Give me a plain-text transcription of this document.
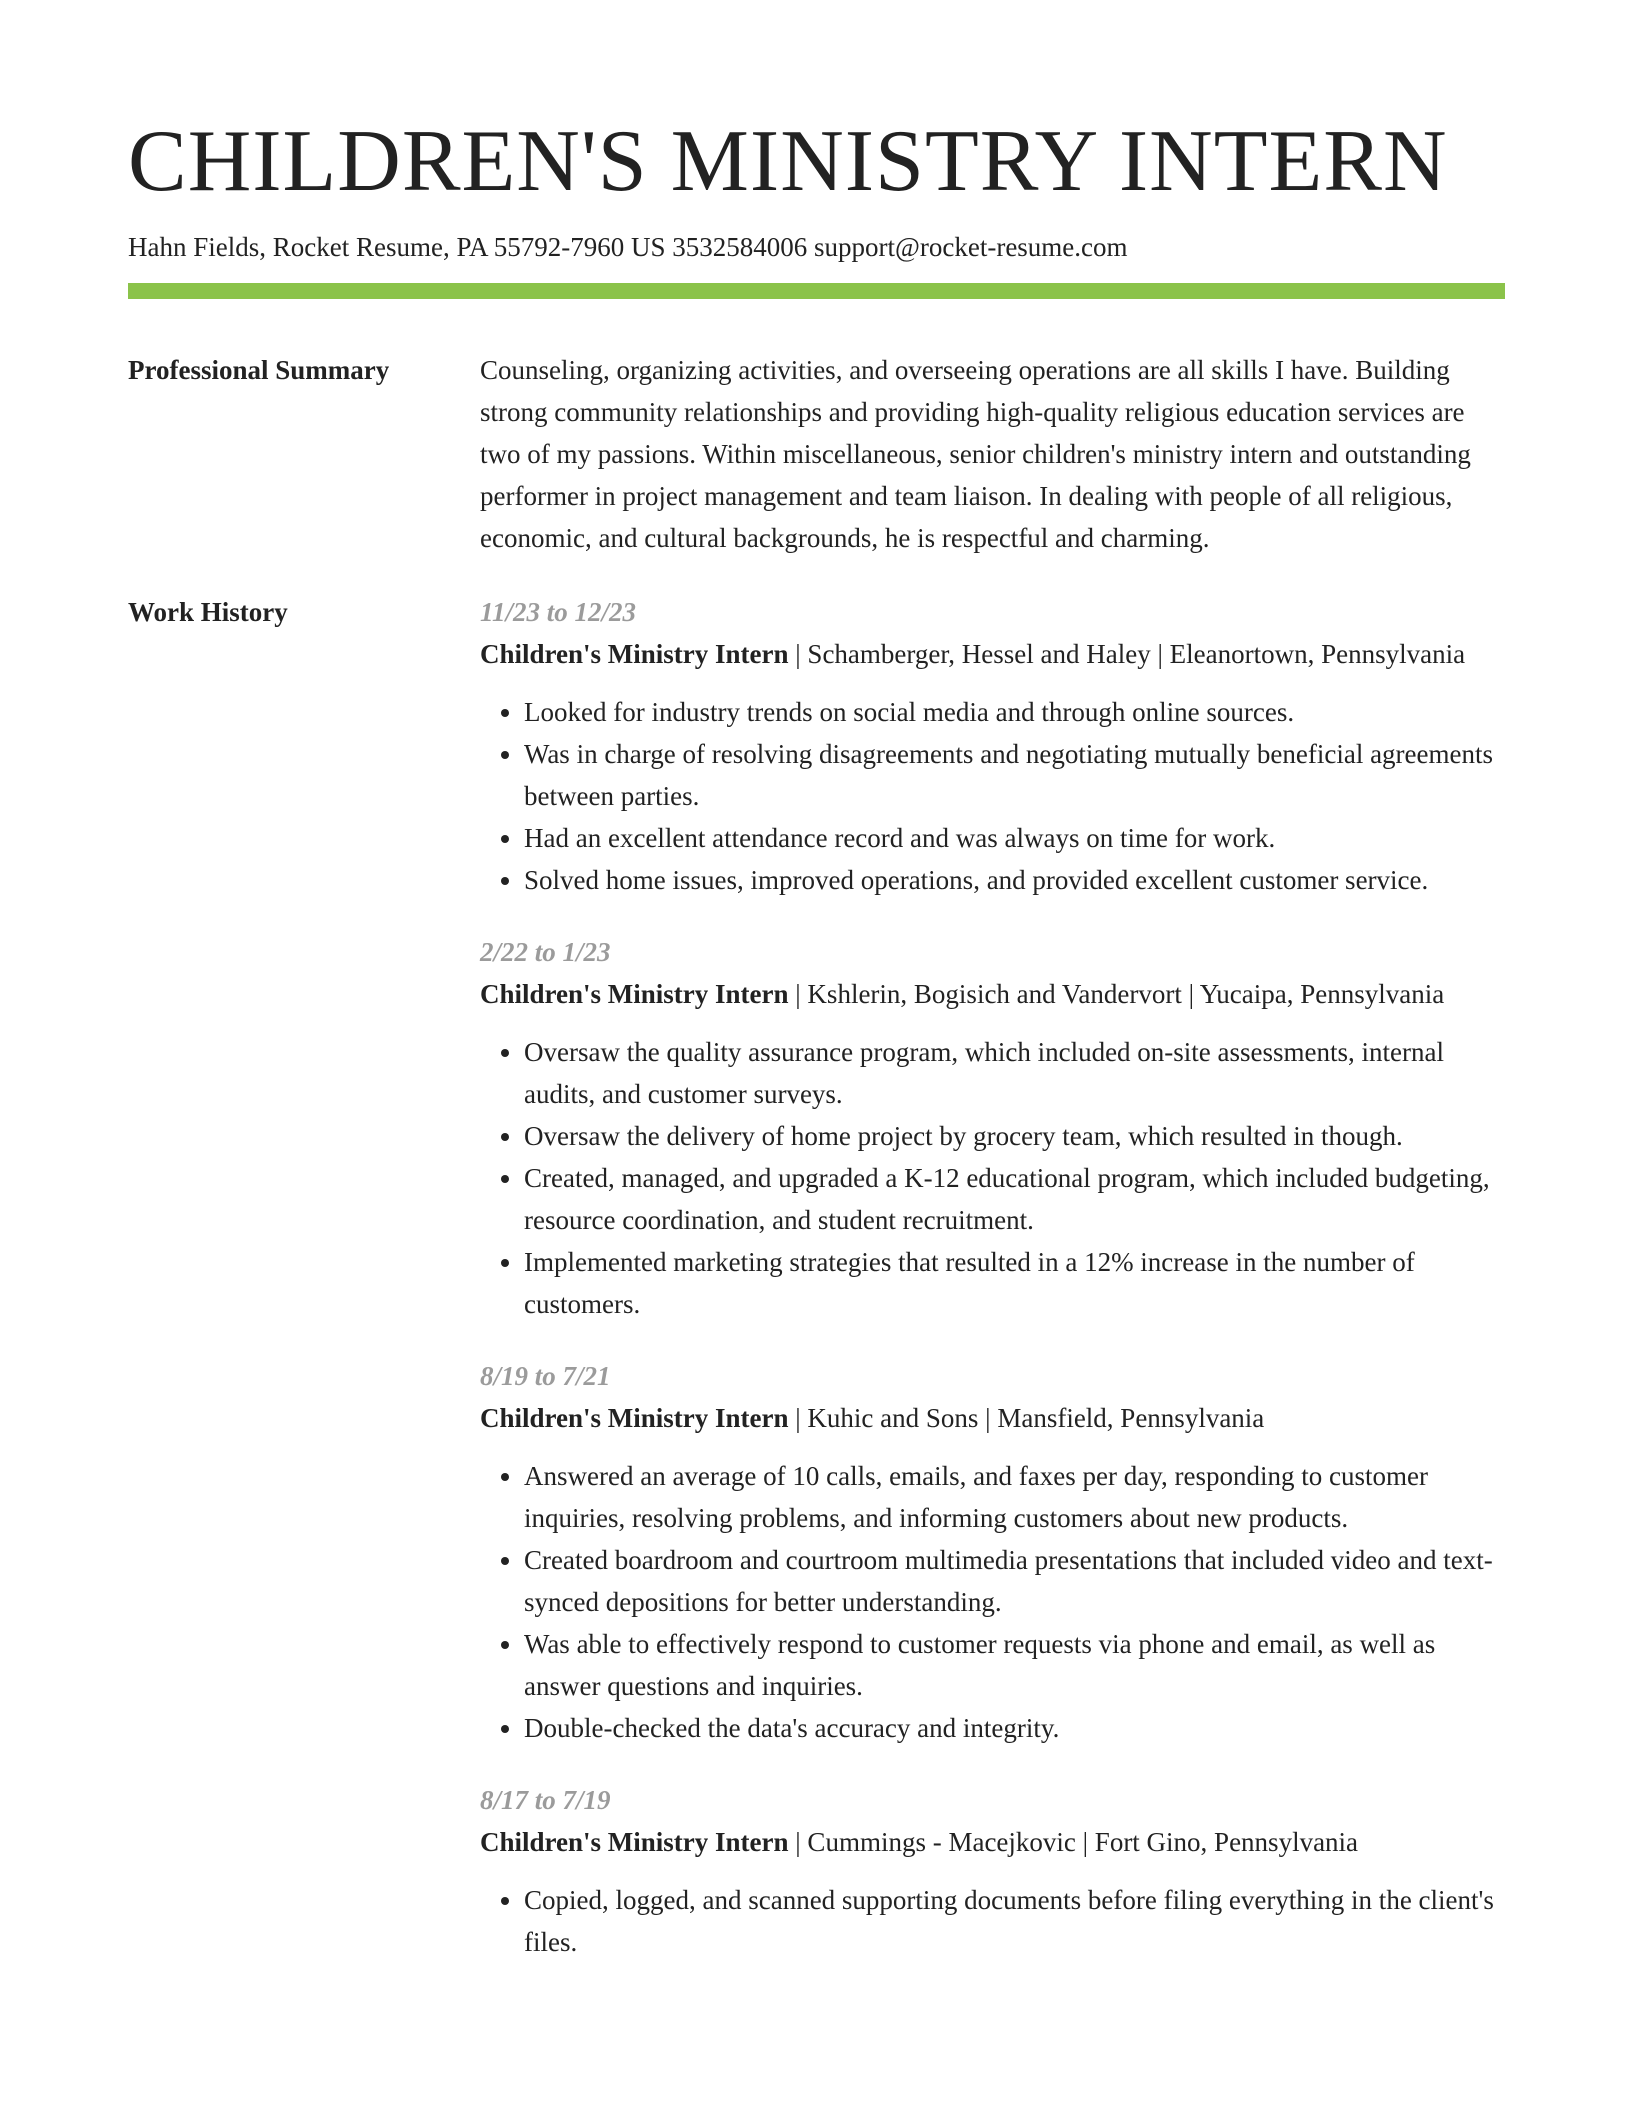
CHILDREN'S MINISTRY INTERN
Hahn Fields, Rocket Resume, PA 55792-7960 US 3532584006 support@rocket-resume.com
Professional Summary	Counseling, organizing activities, and overseeing operations are all skills I have. Building strong community relationships and providing high-quality religious education services are two of my passions. Within miscellaneous, senior children's ministry intern and outstanding performer in project management and team liaison. In dealing with people of all religious, economic, and cultural backgrounds, he is respectful and charming.
Work History	11/23 to 12/23
Children's Ministry Intern | Schamberger, Hessel and Haley | Eleanortown, Pennsylvania
• Looked for industry trends on social media and through online sources.
• Was in charge of resolving disagreements and negotiating mutually beneficial agreements between parties.
• Had an excellent attendance record and was always on time for work.
• Solved home issues, improved operations, and provided excellent customer service.
2/22 to 1/23
Children's Ministry Intern | Kshlerin, Bogisich and Vandervort | Yucaipa, Pennsylvania
• Oversaw the quality assurance program, which included on-site assessments, internal audits, and customer surveys.
• Oversaw the delivery of home project by grocery team, which resulted in though.
• Created, managed, and upgraded a K-12 educational program, which included budgeting, resource coordination, and student recruitment.
• Implemented marketing strategies that resulted in a 12% increase in the number of customers.
8/19 to 7/21
Children's Ministry Intern | Kuhic and Sons | Mansfield, Pennsylvania
• Answered an average of 10 calls, emails, and faxes per day, responding to customer inquiries, resolving problems, and informing customers about new products.
• Created boardroom and courtroom multimedia presentations that included video and text-synced depositions for better understanding.
• Was able to effectively respond to customer requests via phone and email, as well as answer questions and inquiries.
• Double-checked the data's accuracy and integrity.
8/17 to 7/19
Children's Ministry Intern | Cummings - Macejkovic | Fort Gino, Pennsylvania
• Copied, logged, and scanned supporting documents before filing everything in the client's files.
